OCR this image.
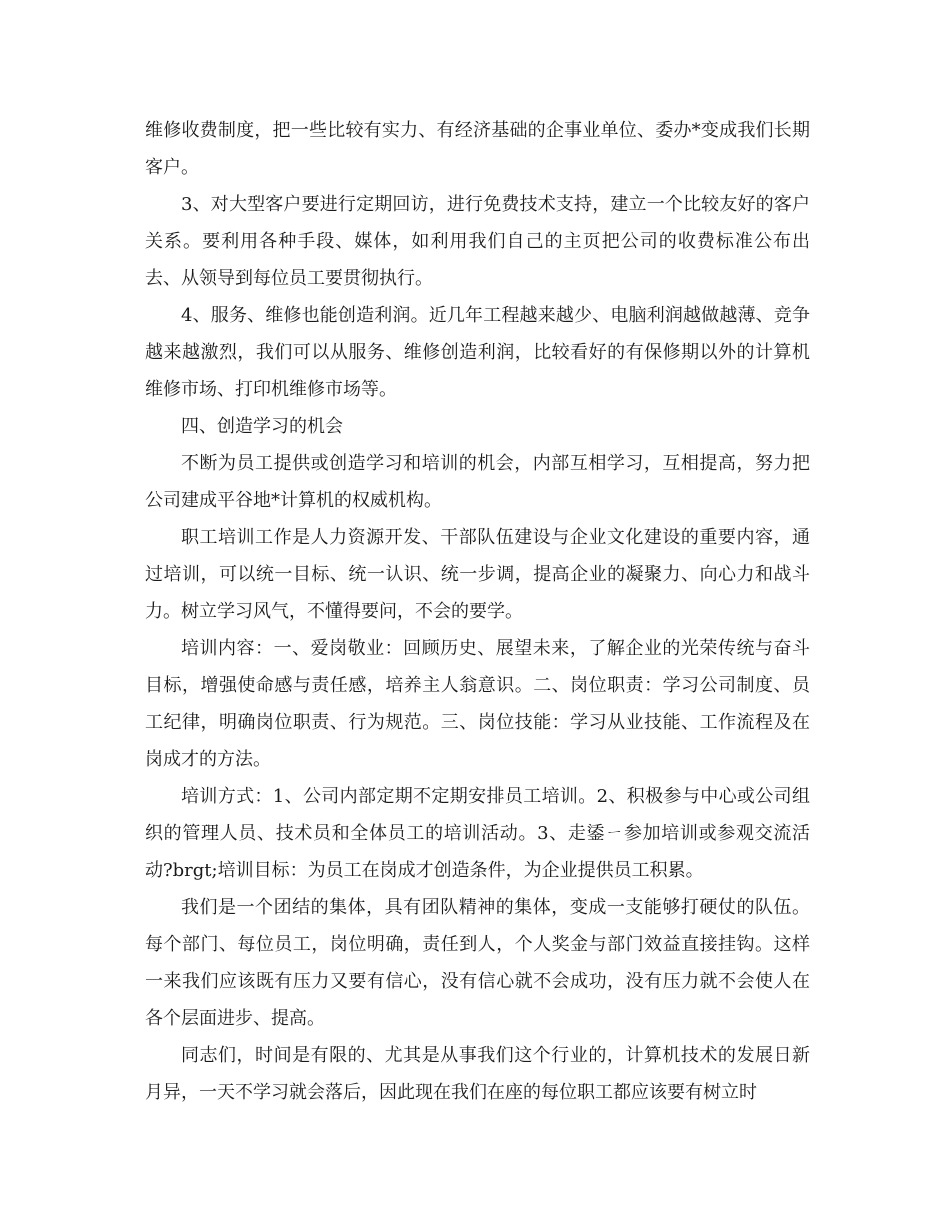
维修收费制度，把一些比较有实力、有经济基础的企事业单位、委办*变成我们长期客户。

3、对大型客户要进行定期回访，进行免费技术支持，建立一个比较友好的客户关系。要利用各种手段、媒体，如利用我们自己的主页把公司的收费标准公布出去、从领导到每位员工要贯彻执行。

4、服务、维修也能创造利润。近几年工程越来越少、电脑利润越做越薄、竞争越来越激烈，我们可以从服务、维修创造利润，比较看好的有保修期以外的计算机维修市场、打印机维修市场等。

四、创造学习的机会

不断为员工提供或创造学习和培训的机会，内部互相学习，互相提高，努力把公司建成平谷地*计算机的权威机构。

职工培训工作是人力资源开发、干部队伍建设与企业文化建设的重要内容，通过培训，可以统一目标、统一认识、统一步调，提高企业的凝聚力、向心力和战斗力。树立学习风气，不懂得要问，不会的要学。

培训内容：一、爱岗敬业：回顾历史、展望未来，了解企业的光荣传统与奋斗目标，增强使命感与责任感，培养主人翁意识。二、岗位职责：学习公司制度、员工纪律，明确岗位职责、行为规范。三、岗位技能：学习从业技能、工作流程及在岗成才的方法。

培训方式：1、公司内部定期不定期安排员工培训。2、积极参与中心或公司组织的管理人员、技术员和全体员工的培训活动。3、走鋈ㄧ参加培训或参观交流活动?brgt;培训目标：为员工在岗成才创造条件，为企业提供员工积累。

我们是一个团结的集体，具有团队精神的集体，变成一支能够打硬仗的队伍。每个部门、每位员工，岗位明确，责任到人，个人奖金与部门效益直接挂钩。这样一来我们应该既有压力又要有信心，没有信心就不会成功，没有压力就不会使人在各个层面进步、提高。

同志们，时间是有限的、尤其是从事我们这个行业的，计算机技术的发展日新月异，一天不学习就会落后，因此现在我们在座的每位职工都应该要有树立时
